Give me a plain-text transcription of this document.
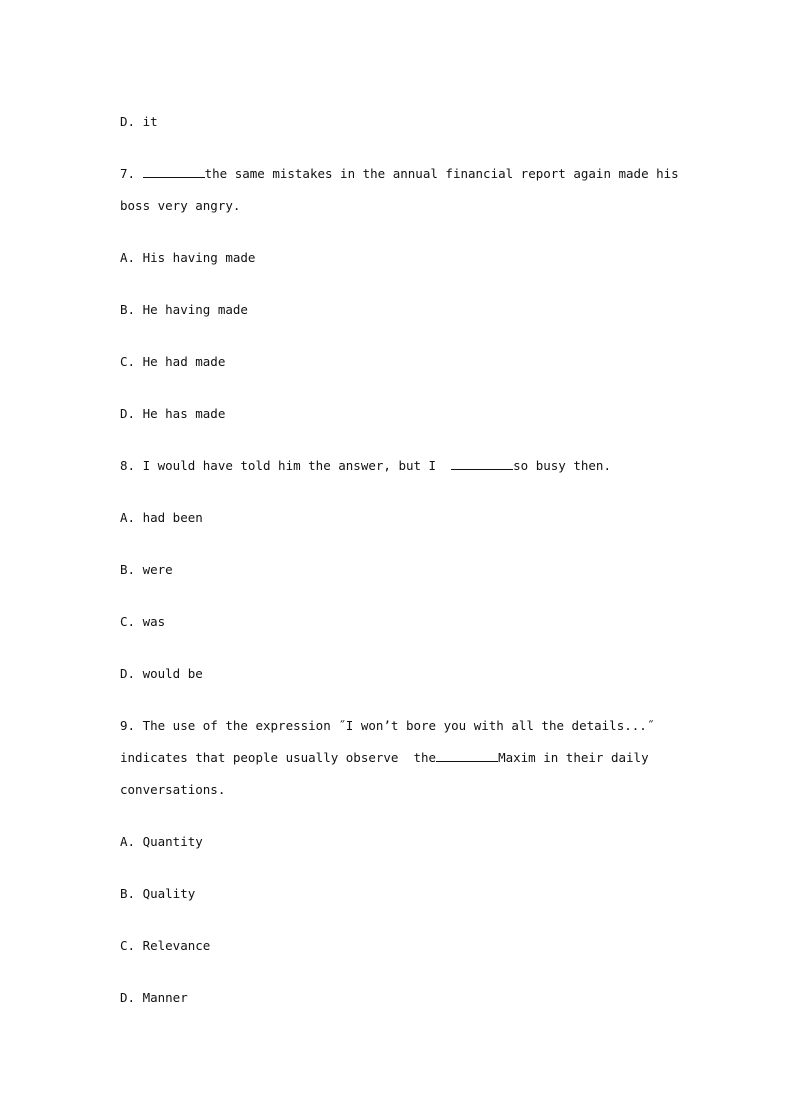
D. it
7.	the same mistakes in the annual financial report again made his
boss very angry.
A. His having made
B. He having made
C. He had made
D. He has made
8. I would have told him the answer, but I	so busy then.
A. had been
B. were
C. was
D. would be
9. The use of the expression ˝I won’t bore you with all the details...˝
indicates that people usually observe  the	Maxim in their daily
conversations.
A. Quantity
B. Quality
C. Relevance
D. Manner
